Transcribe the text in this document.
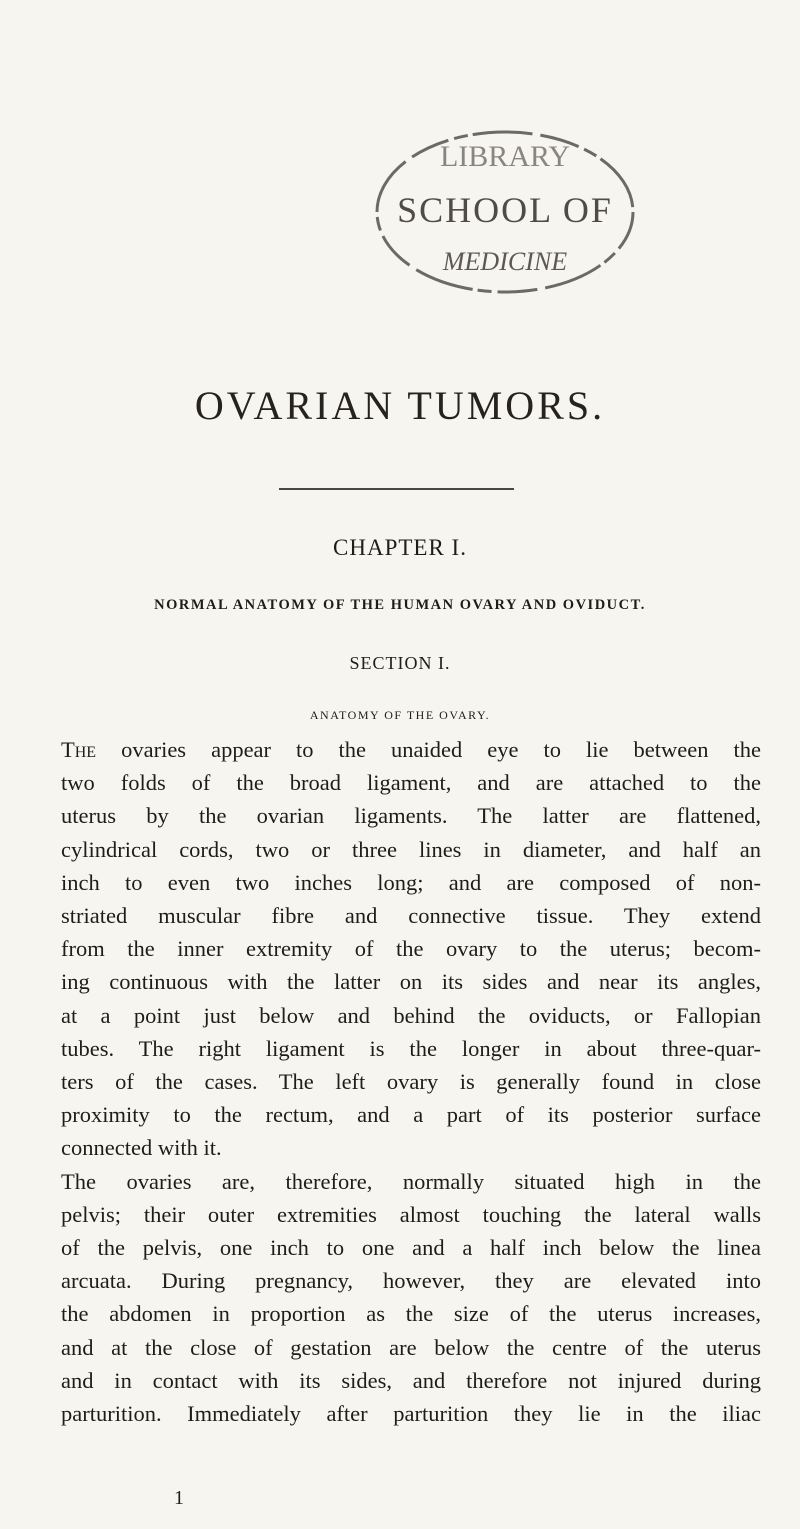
LIBRARY
SCHOOL OF
MEDICINE
OVARIAN TUMORS.
CHAPTER I.
NORMAL ANATOMY OF THE HUMAN OVARY AND OVIDUCT.
SECTION I.
ANATOMY OF THE OVARY.
The ovaries appear to the unaided eye to lie between the
two folds of the broad ligament, and are attached to the
uterus by the ovarian ligaments. The latter are flattened,
cylindrical cords, two or three lines in diameter, and half an
inch to even two inches long; and are composed of non-
striated muscular fibre and connective tissue. They extend
from the inner extremity of the ovary to the uterus; becom-
ing continuous with the latter on its sides and near its angles,
at a point just below and behind the oviducts, or Fallopian
tubes. The right ligament is the longer in about three-quar-
ters of the cases. The left ovary is generally found in close
proximity to the rectum, and a part of its posterior surface
connected with it.
The ovaries are, therefore, normally situated high in the
pelvis; their outer extremities almost touching the lateral walls
of the pelvis, one inch to one and a half inch below the linea
arcuata. During pregnancy, however, they are elevated into
the abdomen in proportion as the size of the uterus increases,
and at the close of gestation are below the centre of the uterus
and in contact with its sides, and therefore not injured during
parturition. Immediately after parturition they lie in the iliac
1
